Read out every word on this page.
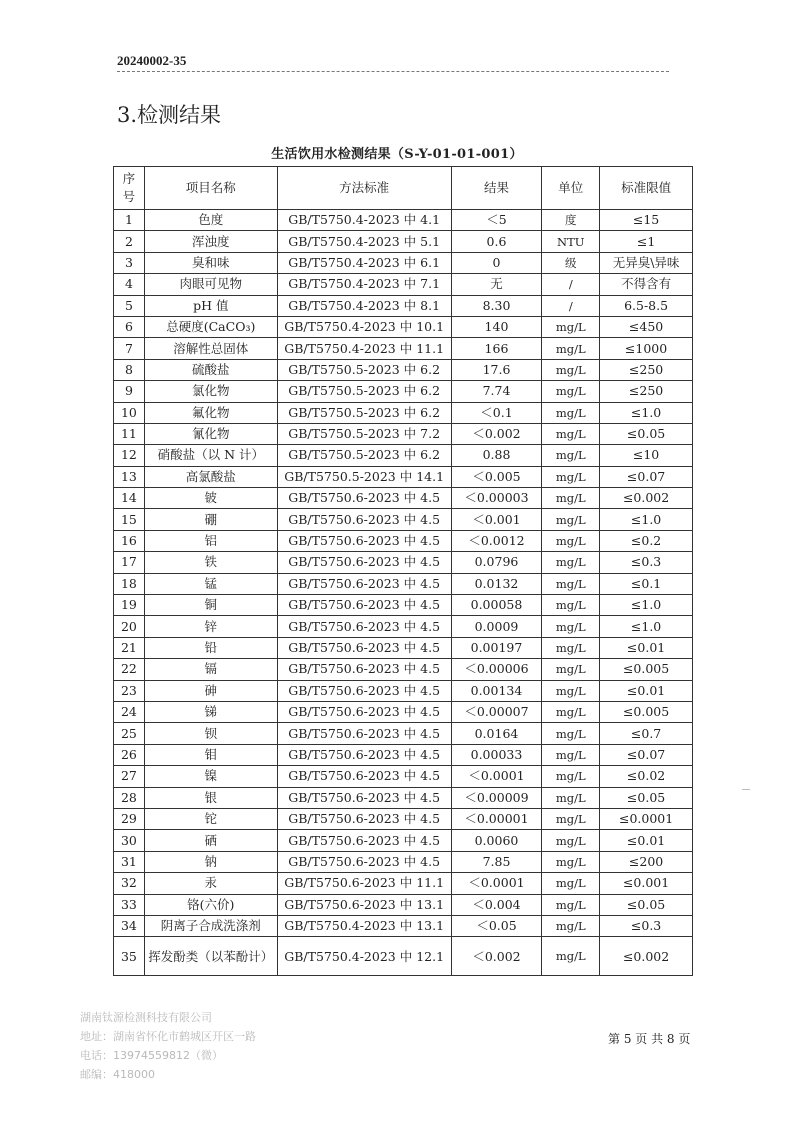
20240002-35
3.检测结果
生活饮用水检测结果（S-Y-01-01-001）
序号	项目名称	方法标准	结果	单位	标准限值
1	色度	GB/T5750.4-2023 中 4.1	＜5	度	≤15
2	浑浊度	GB/T5750.4-2023 中 5.1	0.6	NTU	≤1
3	臭和味	GB/T5750.4-2023 中 6.1	0	级	无异臭\异味
4	肉眼可见物	GB/T5750.4-2023 中 7.1	无	/	不得含有
5	pH 值	GB/T5750.4-2023 中 8.1	8.30	/	6.5-8.5
6	总硬度(CaCO₃)	GB/T5750.4-2023 中 10.1	140	mg/L	≤450
7	溶解性总固体	GB/T5750.4-2023 中 11.1	166	mg/L	≤1000
8	硫酸盐	GB/T5750.5-2023 中 6.2	17.6	mg/L	≤250
9	氯化物	GB/T5750.5-2023 中 6.2	7.74	mg/L	≤250
10	氟化物	GB/T5750.5-2023 中 6.2	＜0.1	mg/L	≤1.0
11	氰化物	GB/T5750.5-2023 中 7.2	＜0.002	mg/L	≤0.05
12	硝酸盐（以 N 计）	GB/T5750.5-2023 中 6.2	0.88	mg/L	≤10
13	高氯酸盐	GB/T5750.5-2023 中 14.1	＜0.005	mg/L	≤0.07
14	铍	GB/T5750.6-2023 中 4.5	＜0.00003	mg/L	≤0.002
15	硼	GB/T5750.6-2023 中 4.5	＜0.001	mg/L	≤1.0
16	铝	GB/T5750.6-2023 中 4.5	＜0.0012	mg/L	≤0.2
17	铁	GB/T5750.6-2023 中 4.5	0.0796	mg/L	≤0.3
18	锰	GB/T5750.6-2023 中 4.5	0.0132	mg/L	≤0.1
19	铜	GB/T5750.6-2023 中 4.5	0.00058	mg/L	≤1.0
20	锌	GB/T5750.6-2023 中 4.5	0.0009	mg/L	≤1.0
21	铅	GB/T5750.6-2023 中 4.5	0.00197	mg/L	≤0.01
22	镉	GB/T5750.6-2023 中 4.5	＜0.00006	mg/L	≤0.005
23	砷	GB/T5750.6-2023 中 4.5	0.00134	mg/L	≤0.01
24	锑	GB/T5750.6-2023 中 4.5	＜0.00007	mg/L	≤0.005
25	钡	GB/T5750.6-2023 中 4.5	0.0164	mg/L	≤0.7
26	钼	GB/T5750.6-2023 中 4.5	0.00033	mg/L	≤0.07
27	镍	GB/T5750.6-2023 中 4.5	＜0.0001	mg/L	≤0.02
28	银	GB/T5750.6-2023 中 4.5	＜0.00009	mg/L	≤0.05
29	铊	GB/T5750.6-2023 中 4.5	＜0.00001	mg/L	≤0.0001
30	硒	GB/T5750.6-2023 中 4.5	0.0060	mg/L	≤0.01
31	钠	GB/T5750.6-2023 中 4.5	7.85	mg/L	≤200
32	汞	GB/T5750.6-2023 中 11.1	＜0.0001	mg/L	≤0.001
33	铬(六价)	GB/T5750.6-2023 中 13.1	＜0.004	mg/L	≤0.05
34	阴离子合成洗涤剂	GB/T5750.4-2023 中 13.1	＜0.05	mg/L	≤0.3
35	挥发酚类（以苯酚计）	GB/T5750.4-2023 中 12.1	＜0.002	mg/L	≤0.002
湖南钛源检测科技有限公司
地址：湖南省怀化市鹤城区开区一路
电话：13974559812（微）
邮编：418000
第 5 页 共 8 页
